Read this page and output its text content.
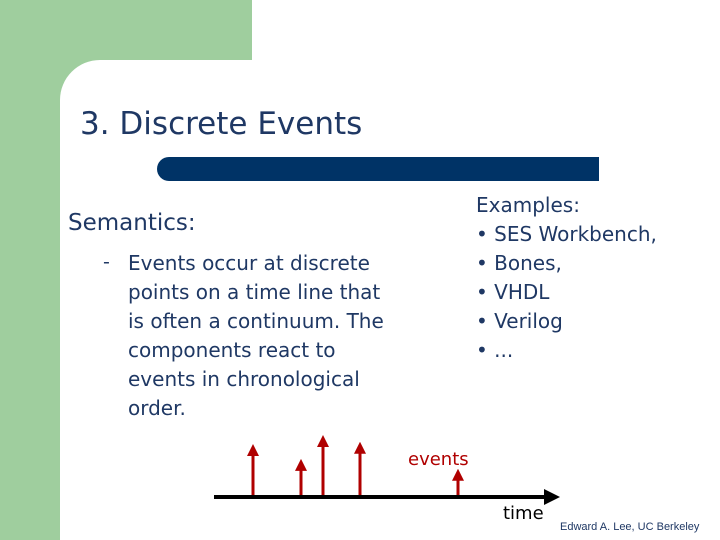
3. Discrete Events
Semantics:
- Events occur at discrete
points on a time line that
is often a continuum. The
components react to
events in chronological
order.
Examples:
• SES Workbench,
• Bones,
• VHDL
• Verilog
• ...
events
time
Edward A. Lee, UC Berkeley
